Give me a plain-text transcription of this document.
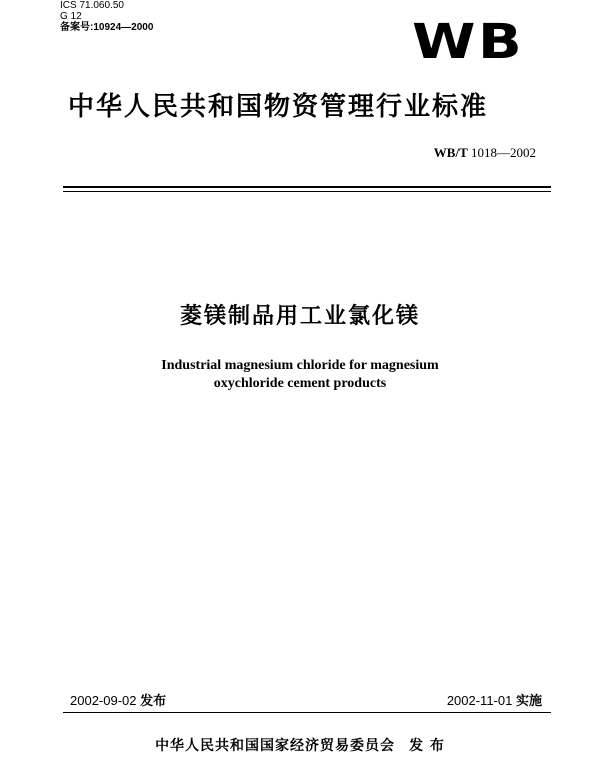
ICS 71.060.50
G 12
备案号:10924—2000	WB
中华人民共和国物资管理行业标准
WB/T 1018—2002
菱镁制品用工业氯化镁
Industrial magnesium chloride for magnesium
oxychloride cement products
2002-09-02 发布	2002-11-01 实施
中华人民共和国国家经济贸易委员会 发 布
